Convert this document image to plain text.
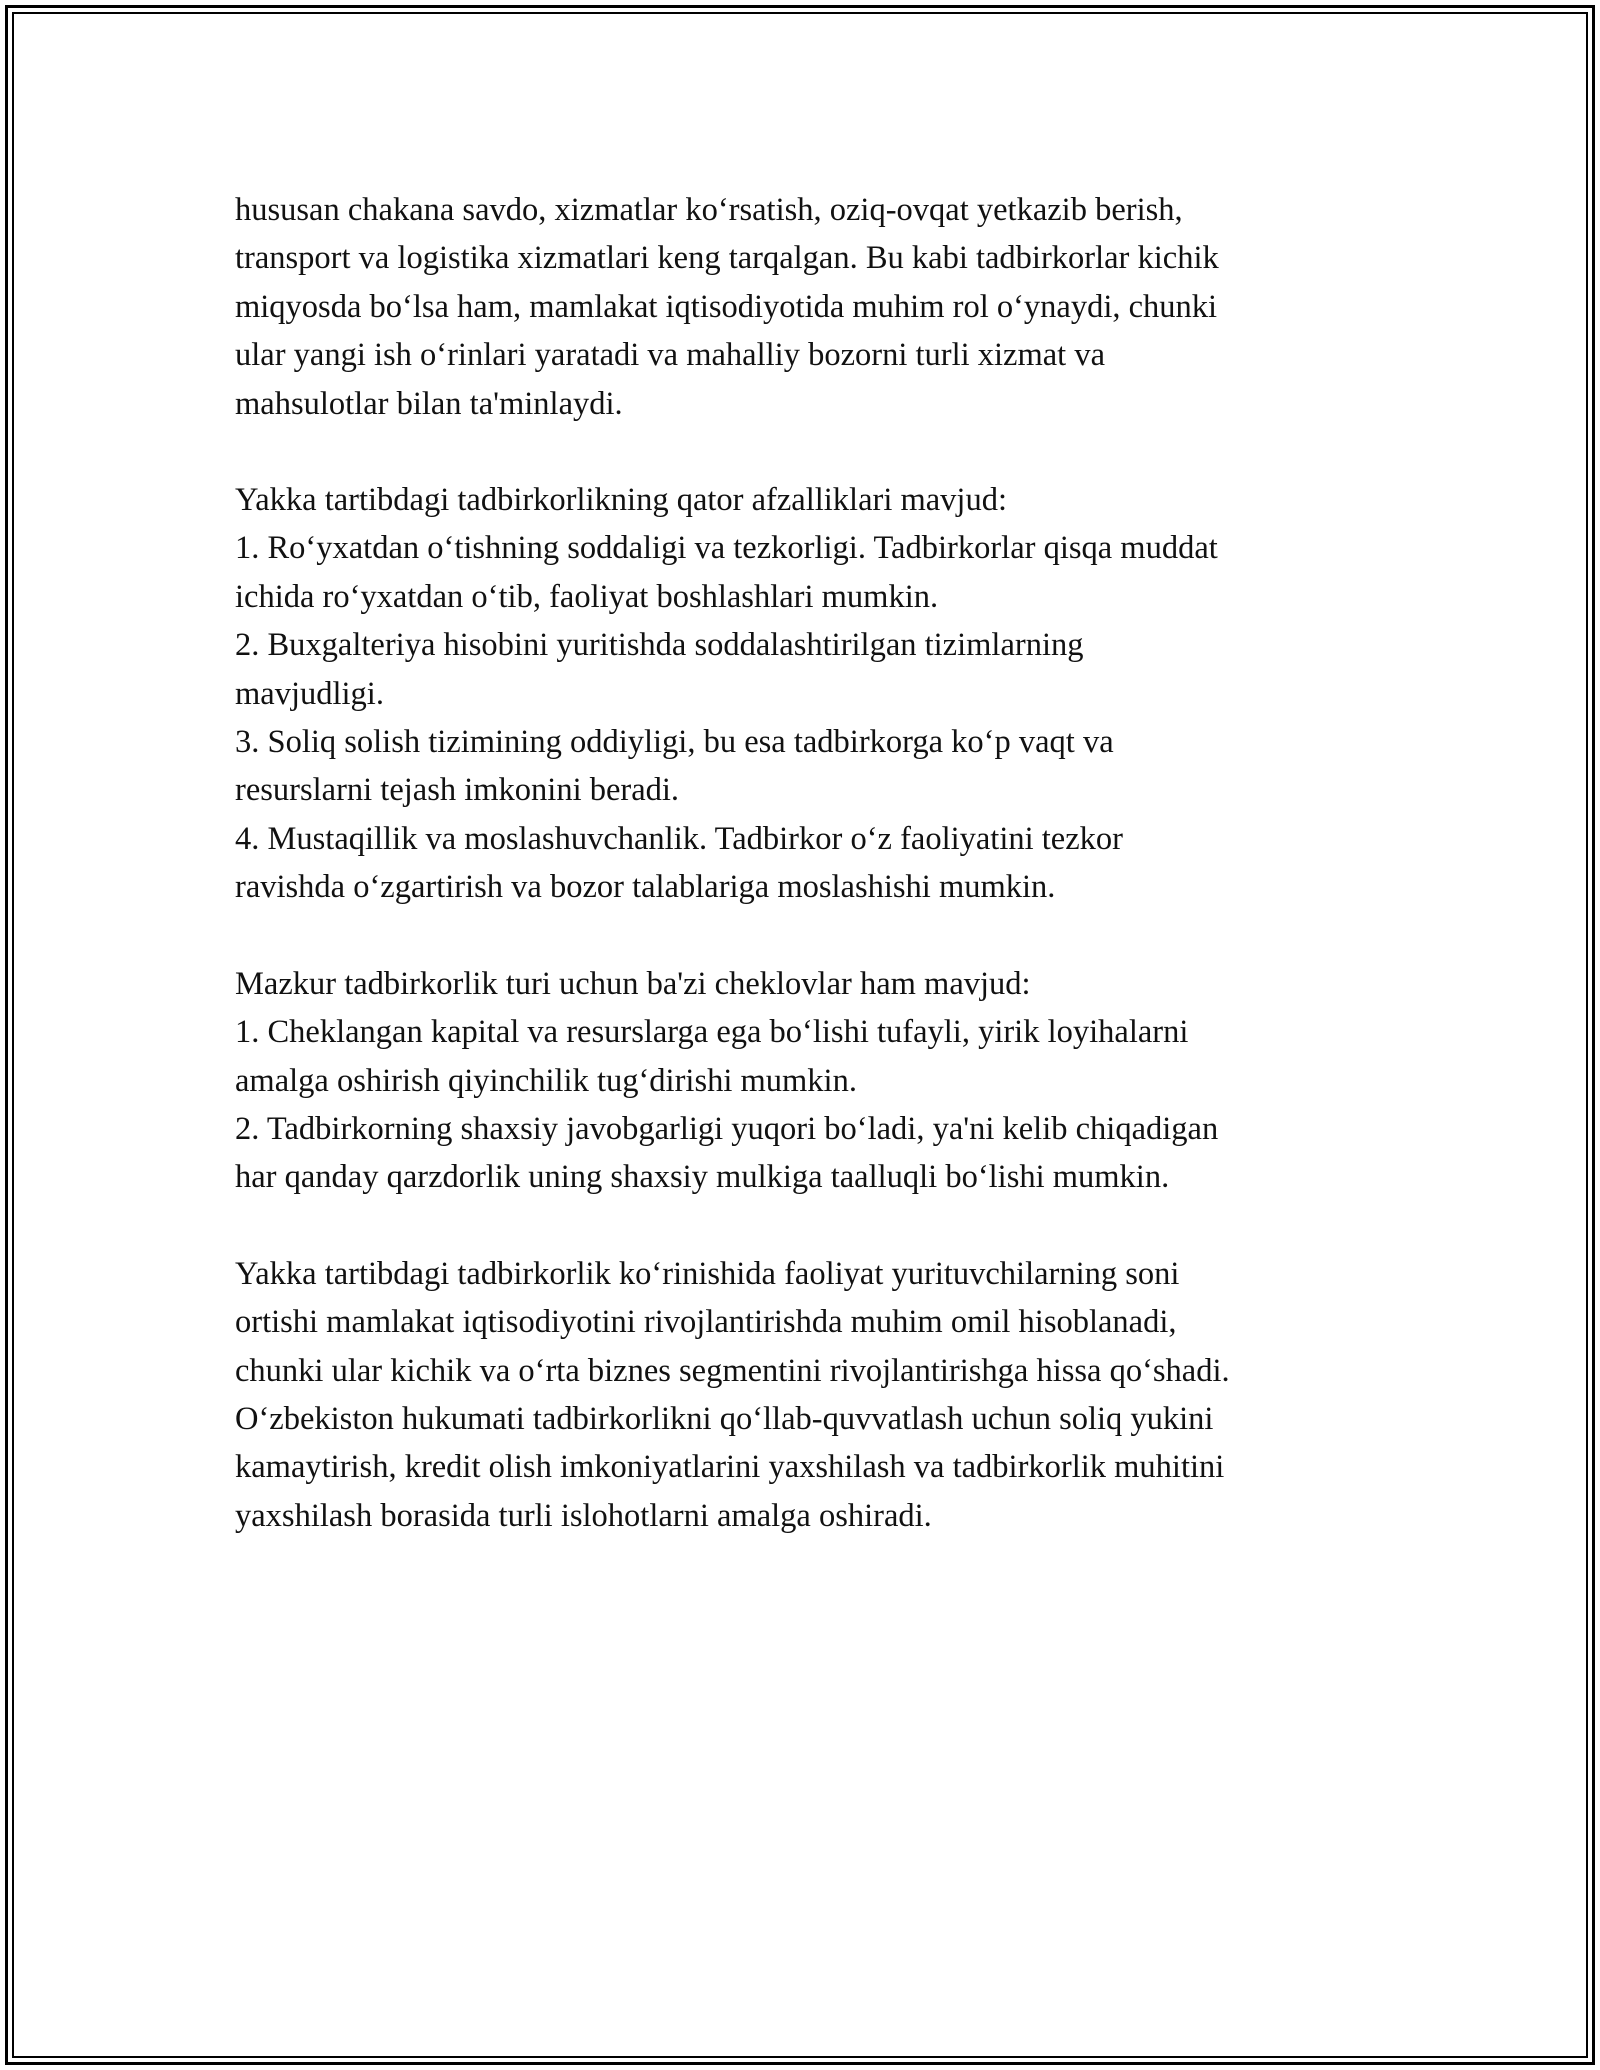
hususan chakana savdo, xizmatlar koʻrsatish, oziq-ovqat yetkazib berish,
transport va logistika xizmatlari keng tarqalgan. Bu kabi tadbirkorlar kichik
miqyosda boʻlsa ham, mamlakat iqtisodiyotida muhim rol oʻynaydi, chunki
ular yangi ish oʻrinlari yaratadi va mahalliy bozorni turli xizmat va
mahsulotlar bilan ta'minlaydi.
Yakka tartibdagi tadbirkorlikning qator afzalliklari mavjud:
1. Roʻyxatdan oʻtishning soddaligi va tezkorligi. Tadbirkorlar qisqa muddat
ichida roʻyxatdan oʻtib, faoliyat boshlashlari mumkin.
2. Buxgalteriya hisobini yuritishda soddalashtirilgan tizimlarning
mavjudligi.
3. Soliq solish tizimining oddiyligi, bu esa tadbirkorga koʻp vaqt va
resurslarni tejash imkonini beradi.
4. Mustaqillik va moslashuvchanlik. Tadbirkor oʻz faoliyatini tezkor
ravishda oʻzgartirish va bozor talablariga moslashishi mumkin.
Mazkur tadbirkorlik turi uchun ba'zi cheklovlar ham mavjud:
1. Cheklangan kapital va resurslarga ega boʻlishi tufayli, yirik loyihalarni
amalga oshirish qiyinchilik tugʻdirishi mumkin.
2. Tadbirkorning shaxsiy javobgarligi yuqori boʻladi, ya'ni kelib chiqadigan
har qanday qarzdorlik uning shaxsiy mulkiga taalluqli boʻlishi mumkin.
Yakka tartibdagi tadbirkorlik koʻrinishida faoliyat yurituvchilarning soni
ortishi mamlakat iqtisodiyotini rivojlantirishda muhim omil hisoblanadi,
chunki ular kichik va oʻrta biznes segmentini rivojlantirishga hissa qoʻshadi.
Oʻzbekiston hukumati tadbirkorlikni qoʻllab-quvvatlash uchun soliq yukini
kamaytirish, kredit olish imkoniyatlarini yaxshilash va tadbirkorlik muhitini
yaxshilash borasida turli islohotlarni amalga oshiradi.
